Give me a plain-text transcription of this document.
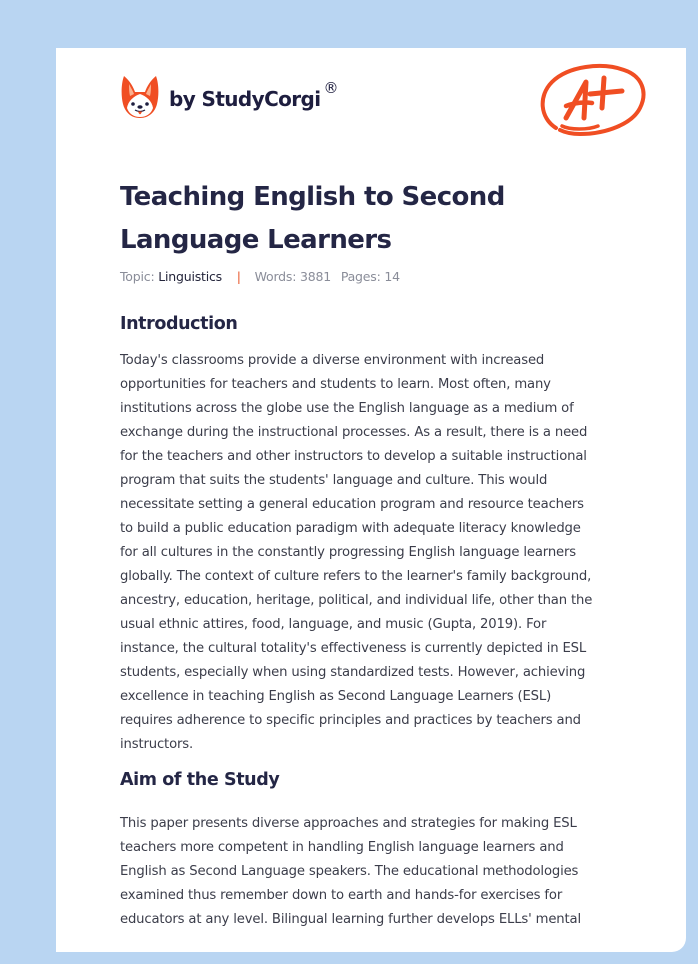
by StudyCorgi ®
Teaching English to Second Language Learners
Topic: Linguistics | Words: 3881 Pages: 14
Introduction

Today's classrooms provide a diverse environment with increased
opportunities for teachers and students to learn. Most often, many
institutions across the globe use the English language as a medium of
exchange during the instructional processes. As a result, there is a need
for the teachers and other instructors to develop a suitable instructional
program that suits the students' language and culture. This would
necessitate setting a general education program and resource teachers
to build a public education paradigm with adequate literacy knowledge
for all cultures in the constantly progressing English language learners
globally. The context of culture refers to the learner's family background,
ancestry, education, heritage, political, and individual life, other than the
usual ethnic attires, food, language, and music (Gupta, 2019). For
instance, the cultural totality's effectiveness is currently depicted in ESL
students, especially when using standardized tests. However, achieving
excellence in teaching English as Second Language Learners (ESL)
requires adherence to specific principles and practices by teachers and
instructors.

Aim of the Study

This paper presents diverse approaches and strategies for making ESL
teachers more competent in handling English language learners and
English as Second Language speakers. The educational methodologies
examined thus remember down to earth and hands-for exercises for
educators at any level. Bilingual learning further develops ELLs' mental
